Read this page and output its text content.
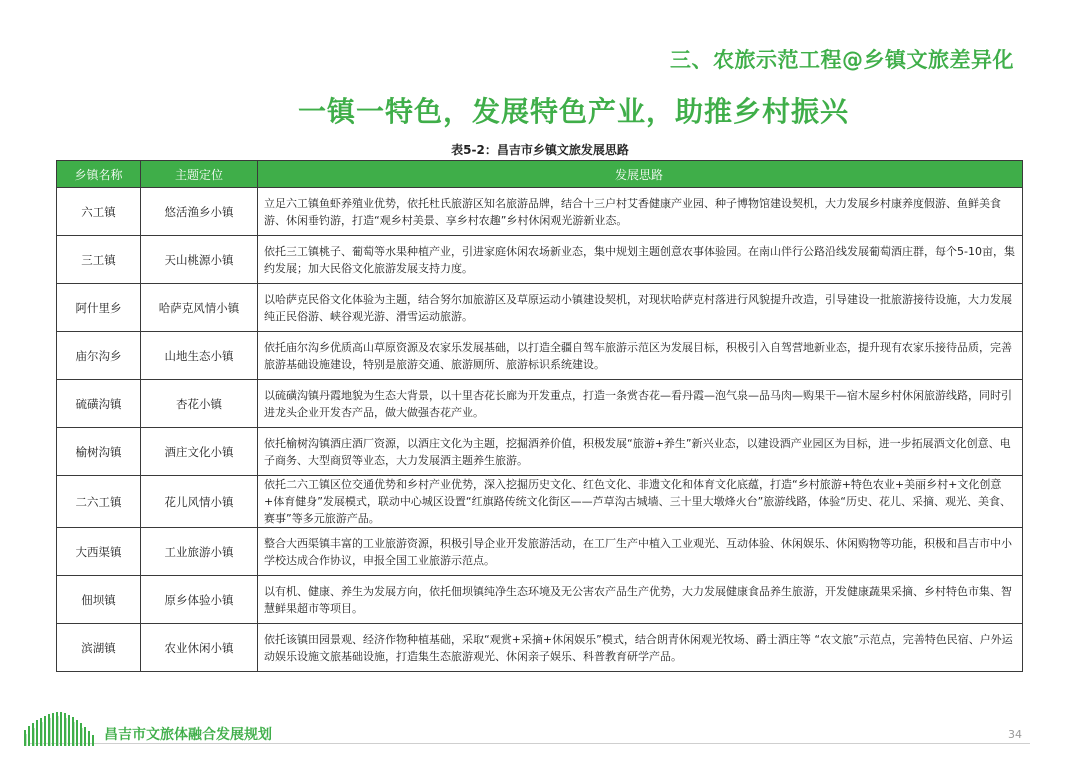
三、农旅示范工程@乡镇文旅差异化
一镇一特色，发展特色产业，助推乡村振兴
表5-2：昌吉市乡镇文旅发展思路
乡镇名称	主题定位	发展思路
六工镇	悠活渔乡小镇	立足六工镇鱼虾养殖业优势，依托杜氏旅游区知名旅游品牌，结合十三户村艾香健康产业园、种子博物馆建设契机，大力发展乡村康养度假游、鱼鲜美食游、休闲垂钓游，打造“观乡村美景、享乡村农趣”乡村休闲观光游新业态。
三工镇	天山桃源小镇	依托三工镇桃子、葡萄等水果种植产业，引进家庭休闲农场新业态，集中规划主题创意农事体验园。在南山伴行公路沿线发展葡萄酒庄群，每个5-10亩，集约发展；加大民俗文化旅游发展支持力度。
阿什里乡	哈萨克风情小镇	以哈萨克民俗文化体验为主题，结合努尔加旅游区及草原运动小镇建设契机，对现状哈萨克村落进行风貌提升改造，引导建设一批旅游接待设施，大力发展纯正民俗游、峡谷观光游、滑雪运动旅游。
庙尔沟乡	山地生态小镇	依托庙尔沟乡优质高山草原资源及农家乐发展基础，以打造全疆自驾车旅游示范区为发展目标，积极引入自驾营地新业态，提升现有农家乐接待品质，完善旅游基础设施建设，特别是旅游交通、旅游厕所、旅游标识系统建设。
硫磺沟镇	杏花小镇	以硫磺沟镇丹霞地貌为生态大背景，以十里杏花长廊为开发重点，打造一条赏杏花—看丹霞—泡气泉—品马肉—购果干—宿木屋乡村休闲旅游线路，同时引进龙头企业开发杏产品，做大做强杏花产业。
榆树沟镇	酒庄文化小镇	依托榆树沟镇酒庄酒厂资源，以酒庄文化为主题，挖掘酒养价值，积极发展“旅游+养生”新兴业态，以建设酒产业园区为目标，进一步拓展酒文化创意、电子商务、大型商贸等业态，大力发展酒主题养生旅游。
二六工镇	花儿风情小镇	依托二六工镇区位交通优势和乡村产业优势，深入挖掘历史文化、红色文化、非遗文化和体育文化底蕴，打造“乡村旅游+特色农业+美丽乡村+文化创意+体育健身”发展模式，联动中心城区设置“红旗路传统文化街区——芦草沟古城墙、三十里大墩烽火台”旅游线路，体验“历史、花儿、采摘、观光、美食、赛事”等多元旅游产品。
大西渠镇	工业旅游小镇	整合大西渠镇丰富的工业旅游资源，积极引导企业开发旅游活动，在工厂生产中植入工业观光、互动体验、休闲娱乐、休闲购物等功能，积极和昌吉市中小学校达成合作协议，申报全国工业旅游示范点。
佃坝镇	原乡体验小镇	以有机、健康、养生为发展方向，依托佃坝镇纯净生态环境及无公害农产品生产优势，大力发展健康食品养生旅游，开发健康蔬果采摘、乡村特色市集、智慧鲜果超市等项目。
滨湖镇	农业休闲小镇	依托该镇田园景观、经济作物种植基础，采取“观赏+采摘+休闲娱乐”模式，结合朗青休闲观光牧场、爵士酒庄等 “农文旅”示范点，完善特色民宿、户外运动娱乐设施文旅基础设施，打造集生态旅游观光、休闲亲子娱乐、科普教育研学产品。
昌吉市文旅体融合发展规划	34
